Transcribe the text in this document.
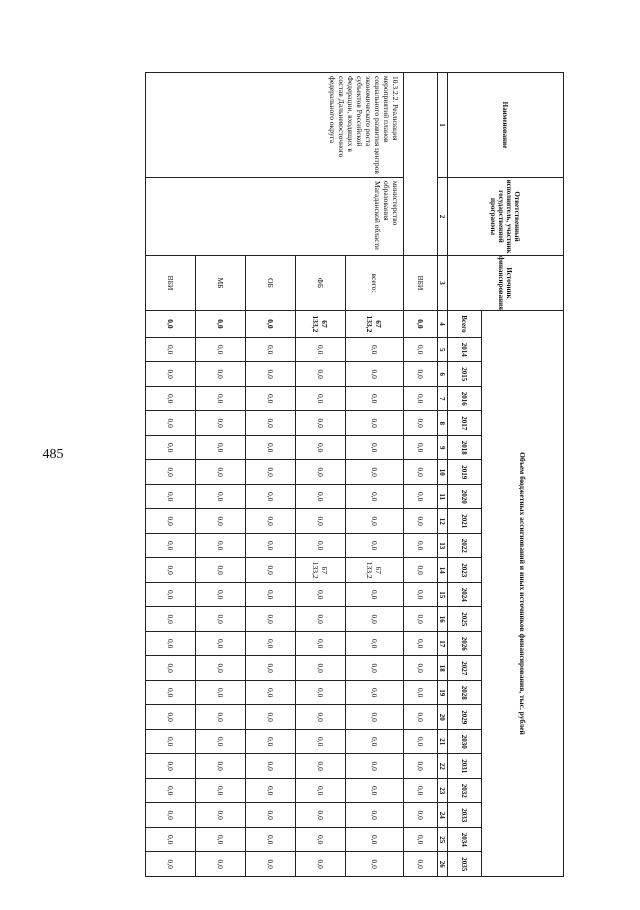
485
Наименование	Ответственный исполнитель, участник государственной программы	Источник финансирования	Объем бюджетных ассигнований и иных источников финансирования, тыс. рублей																						
			Всего	2014	2015	2016	2017	2018	2019	2020	2021	2022	2023	2024	2025	2026	2027	2028	2029	2030	2031	2032	2033	2034	2035
1	2	3	4	5	6	7	8	9	10	11	12	13	14	15	16	17	18	19	20	21	22	23	24	25	26
		ВБИ	0,0	0,0	0,0	0,0	0,0	0,0	0,0	0,0	0,0	0,0	0,0	0,0	0,0	0,0	0,0	0,0	0,0	0,0	0,0	0,0	0,0	0,0	0,0
10.3.2.2. Реализация мероприятий планов социального развития центров экономического роста субъектов Российской Федерации, входящих в состав Дальневосточного федерального округа	министерство образования Магаданской области	всего:	67 133,2	0,0	0,0	0,0	0,0	0,0	0,0	0,0	0,0	0,0	67 133,2	0,0	0,0	0,0	0,0	0,0	0,0	0,0	0,0	0,0	0,0	0,0	0,0
		ФБ	67 133,2	0,0	0,0	0,0	0,0	0,0	0,0	0,0	0,0	0,0	67 133,2	0,0	0,0	0,0	0,0	0,0	0,0	0,0	0,0	0,0	0,0	0,0	0,0
		ОБ	0,0	0,0	0,0	0,0	0,0	0,0	0,0	0,0	0,0	0,0	0,0	0,0	0,0	0,0	0,0	0,0	0,0	0,0	0,0	0,0	0,0	0,0	0,0
		МБ	0,0	0,0	0,0	0,0	0,0	0,0	0,0	0,0	0,0	0,0	0,0	0,0	0,0	0,0	0,0	0,0	0,0	0,0	0,0	0,0	0,0	0,0	0,0
		ВБИ	0,0	0,0	0,0	0,0	0,0	0,0	0,0	0,0	0,0	0,0	0,0	0,0	0,0	0,0	0,0	0,0	0,0	0,0	0,0	0,0	0,0	0,0	0,0
